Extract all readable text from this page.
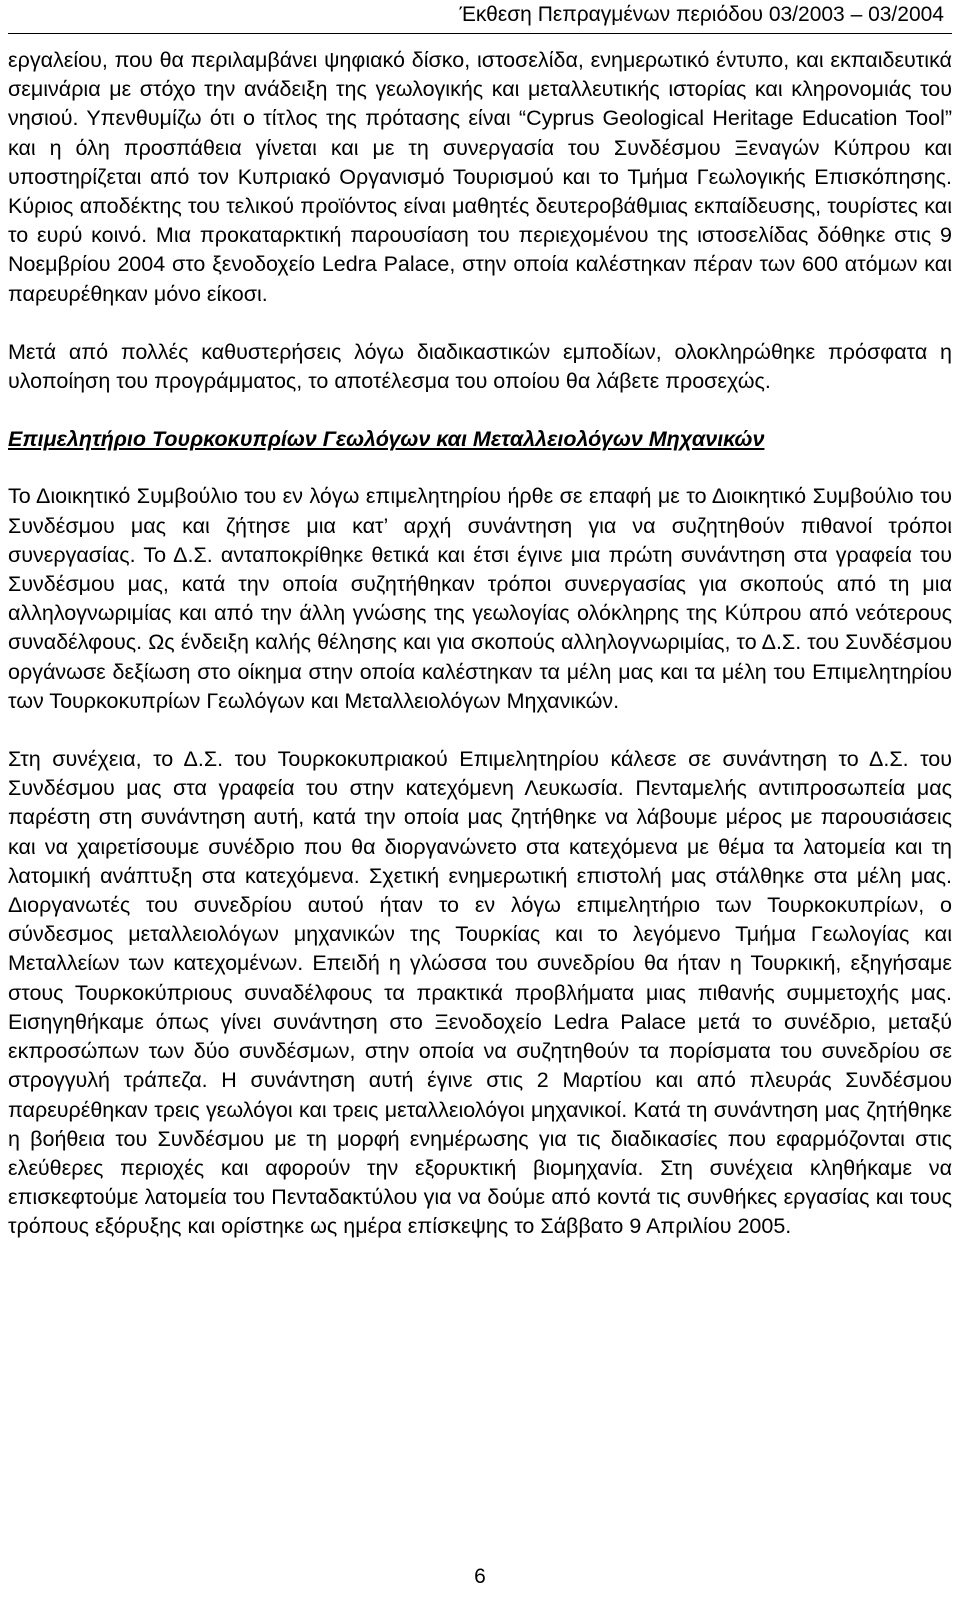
Έκθεση Πεπραγμένων περιόδου 03/2003 – 03/2004

εργαλείου, που θα περιλαμβάνει ψηφιακό δίσκο, ιστοσελίδα, ενημερωτικό έντυπο, και εκπαιδευτικά σεμινάρια με στόχο την ανάδειξη της γεωλογικής και μεταλλευτικής ιστορίας και κληρονομιάς του νησιού. Υπενθυμίζω ότι ο τίτλος της πρότασης είναι “Cyprus Geological Heritage Education Tool” και η όλη προσπάθεια γίνεται και με τη συνεργασία του Συνδέσμου Ξεναγών Κύπρου και υποστηρίζεται από τον Κυπριακό Οργανισμό Τουρισμού και το Τμήμα Γεωλογικής Επισκόπησης. Κύριος αποδέκτης του τελικού προϊόντος είναι μαθητές δευτεροβάθμιας εκπαίδευσης, τουρίστες και το ευρύ κοινό. Μια προκαταρκτική παρουσίαση του περιεχομένου της ιστοσελίδας δόθηκε στις 9 Νοεμβρίου 2004 στο ξενοδοχείο Ledra Palace, στην οποία καλέστηκαν πέραν των 600 ατόμων και παρευρέθηκαν μόνο είκοσι.

Μετά από πολλές καθυστερήσεις λόγω διαδικαστικών εμποδίων, ολοκληρώθηκε πρόσφατα η υλοποίηση του προγράμματος, το αποτέλεσμα του οποίου θα λάβετε προσεχώς.

Επιμελητήριο Τουρκοκυπρίων Γεωλόγων και Μεταλλειολόγων Μηχανικών

Το Διοικητικό Συμβούλιο του εν λόγω επιμελητηρίου ήρθε σε επαφή με το Διοικητικό Συμβούλιο του Συνδέσμου μας και ζήτησε μια κατ’ αρχή συνάντηση για να συζητηθούν πιθανοί τρόποι συνεργασίας. Το Δ.Σ. ανταποκρίθηκε θετικά και έτσι έγινε μια πρώτη συνάντηση στα γραφεία του Συνδέσμου μας, κατά την οποία συζητήθηκαν τρόποι συνεργασίας για σκοπούς από τη μια αλληλογνωριμίας και από την άλλη γνώσης της γεωλογίας ολόκληρης της Κύπρου από νεότερους συναδέλφους. Ως ένδειξη καλής θέλησης και για σκοπούς αλληλογνωριμίας, το Δ.Σ. του Συνδέσμου οργάνωσε δεξίωση στο οίκημα στην οποία καλέστηκαν τα μέλη μας και τα μέλη του Επιμελητηρίου των Τουρκοκυπρίων Γεωλόγων και Μεταλλειολόγων Μηχανικών.

Στη συνέχεια, το Δ.Σ. του Τουρκοκυπριακού Επιμελητηρίου κάλεσε σε συνάντηση το Δ.Σ. του Συνδέσμου μας στα γραφεία του στην κατεχόμενη Λευκωσία. Πενταμελής αντιπροσωπεία μας παρέστη στη συνάντηση αυτή, κατά την οποία μας ζητήθηκε να λάβουμε μέρος με παρουσιάσεις και να χαιρετίσουμε συνέδριο που θα διοργανώνετο στα κατεχόμενα με θέμα τα λατομεία και τη λατομική ανάπτυξη στα κατεχόμενα. Σχετική ενημερωτική επιστολή μας στάλθηκε στα μέλη μας. Διοργανωτές του συνεδρίου αυτού ήταν το εν λόγω επιμελητήριο των Τουρκοκυπρίων, ο σύνδεσμος μεταλλειολόγων μηχανικών της Τουρκίας και το λεγόμενο Τμήμα Γεωλογίας και Μεταλλείων των κατεχομένων. Επειδή η γλώσσα του συνεδρίου θα ήταν η Τουρκική, εξηγήσαμε στους Τουρκοκύπριους συναδέλφους τα πρακτικά προβλήματα μιας πιθανής συμμετοχής μας. Εισηγηθήκαμε όπως γίνει συνάντηση στο Ξενοδοχείο Ledra Palace μετά το συνέδριο, μεταξύ εκπροσώπων των δύο συνδέσμων, στην οποία να συζητηθούν τα πορίσματα του συνεδρίου σε στρογγυλή τράπεζα. Η συνάντηση αυτή έγινε στις 2 Μαρτίου και από πλευράς Συνδέσμου παρευρέθηκαν τρεις γεωλόγοι και τρεις μεταλλειολόγοι μηχανικοί. Κατά τη συνάντηση μας ζητήθηκε η βοήθεια του Συνδέσμου με τη μορφή ενημέρωσης για τις διαδικασίες που εφαρμόζονται στις ελεύθερες περιοχές και αφορούν την εξορυκτική βιομηχανία. Στη συνέχεια κληθήκαμε να επισκεφτούμε λατομεία του Πενταδακτύλου για να δούμε από κοντά τις συνθήκες εργασίας και τους τρόπους εξόρυξης και ορίστηκε ως ημέρα επίσκεψης το Σάββατο 9 Απριλίου 2005.

6
